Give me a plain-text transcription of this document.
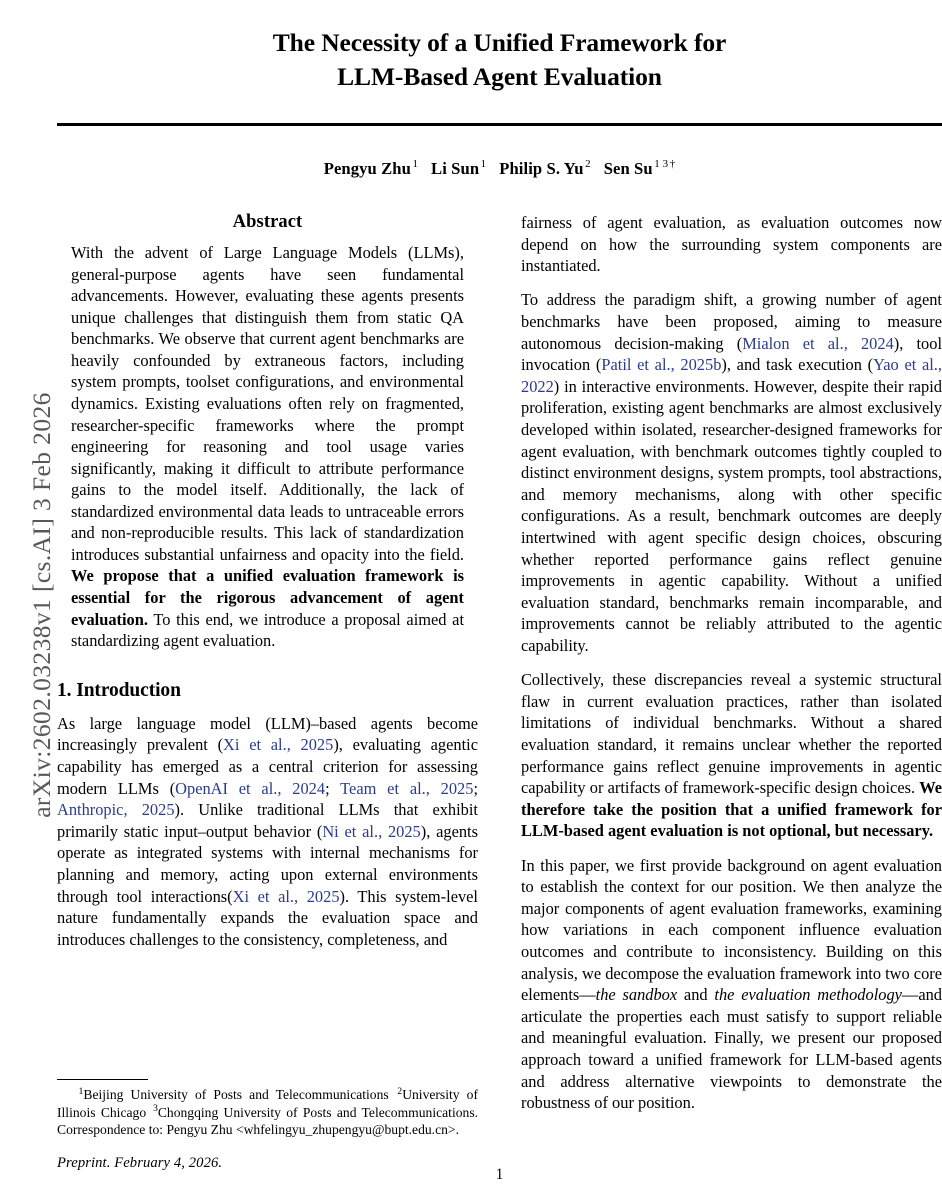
arXiv:2602.03238v1 [cs.AI] 3 Feb 2026
The Necessity of a Unified Framework for
LLM-Based Agent Evaluation
Pengyu Zhu $^1$ Li Sun $^1$ Philip S. Yu $^2$ Sen Su $^{1 3}$ †
Abstract

With the advent of Large Language Models (LLMs), general-purpose agents have seen fundamental advancements. However, evaluating these agents presents unique challenges that distinguish them from static QA benchmarks. We observe that current agent benchmarks are heavily confounded by extraneous factors, including system prompts, toolset configurations, and environmental dynamics. Existing evaluations often rely on fragmented, researcher-specific frameworks where the prompt engineering for reasoning and tool usage varies significantly, making it difficult to attribute performance gains to the model itself. Additionally, the lack of standardized environmental data leads to untraceable errors and non-reproducible results. This lack of standardization introduces substantial unfairness and opacity into the field. We propose that a unified evaluation framework is essential for the rigorous advancement of agent evaluation. To this end, we introduce a proposal aimed at standardizing agent evaluation.

1. Introduction

As large language model (LLM)–based agents become increasingly prevalent (Xi et al., 2025), evaluating agentic capability has emerged as a central criterion for assessing modern LLMs (OpenAI et al., 2024; Team et al., 2025; Anthropic, 2025). Unlike traditional LLMs that exhibit primarily static input–output behavior (Ni et al., 2025), agents operate as integrated systems with internal mechanisms for planning and memory, acting upon external environments through tool interactions(Xi et al., 2025). This system-level nature fundamentally expands the evaluation space and introduces challenges to the consistency, completeness, and

$^1$Beijing University of Posts and Telecommunications $^2$University of Illinois Chicago $^3$Chongqing University of Posts and Telecommunications. Correspondence to: Pengyu Zhu <whfelingyu_zhupengyu@bupt.edu.cn>.

Preprint. February 4, 2026.

fairness of agent evaluation, as evaluation outcomes now depend on how the surrounding system components are instantiated.

To address the paradigm shift, a growing number of agent benchmarks have been proposed, aiming to measure autonomous decision-making (Mialon et al., 2024), tool invocation (Patil et al., 2025b), and task execution (Yao et al., 2022) in interactive environments. However, despite their rapid proliferation, existing agent benchmarks are almost exclusively developed within isolated, researcher-designed frameworks for agent evaluation, with benchmark outcomes tightly coupled to distinct environment designs, system prompts, tool abstractions, and memory mechanisms, along with other specific configurations. As a result, benchmark outcomes are deeply intertwined with agent specific design choices, obscuring whether reported performance gains reflect genuine improvements in agentic capability. Without a unified evaluation standard, benchmarks remain incomparable, and improvements cannot be reliably attributed to the agentic capability.

Collectively, these discrepancies reveal a systemic structural flaw in current evaluation practices, rather than isolated limitations of individual benchmarks. Without a shared evaluation standard, it remains unclear whether the reported performance gains reflect genuine improvements in agentic capability or artifacts of framework-specific design choices. We therefore take the position that a unified framework for LLM-based agent evaluation is not optional, but necessary.

In this paper, we first provide background on agent evaluation to establish the context for our position. We then analyze the major components of agent evaluation frameworks, examining how variations in each component influence evaluation outcomes and contribute to inconsistency. Building on this analysis, we decompose the evaluation framework into two core elements—the sandbox and the evaluation methodology—and articulate the properties each must satisfy to support reliable and meaningful evaluation. Finally, we present our proposed approach toward a unified framework for LLM-based agents and address alternative viewpoints to demonstrate the robustness of our position.

1
